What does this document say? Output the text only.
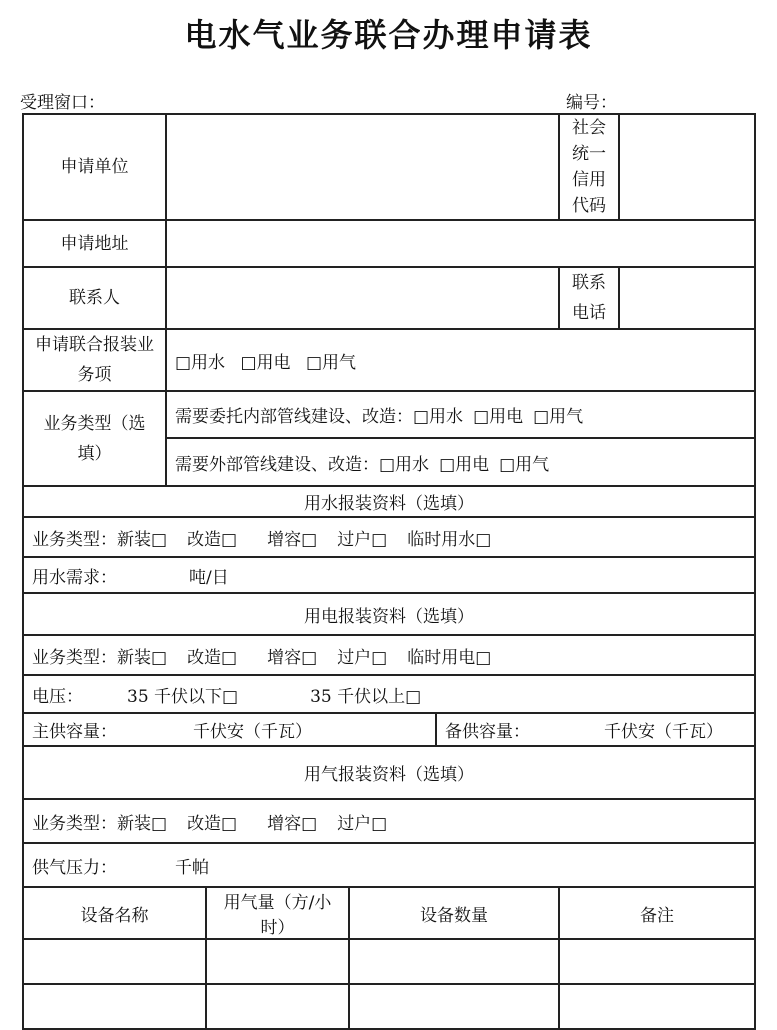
电水气业务联合办理申请表
受理窗口：	编号：
申请单位					社会统一信用代码	
申请地址						
联系人					联系电话	
申请联合报装业务项	□用水 □用电 □用气					
业务类型（选填）	需要委托内部管线建设、改造：□用水 □用电 □用气					
	需要外部管线建设、改造：□用水 □用电 □用气					
用水报装资料（选填）						
业务类型：新装□ 改造□ 增容□ 过户□ 临时用水□						
用水需求： 吨/日						
用电报装资料（选填）						
业务类型：新装□ 改造□ 增容□ 过户□ 临时用电□						
电压： 35 千伏以下□ 35 千伏以上□						
主供容量： 千伏安（千瓦）				备供容量： 千伏安（千瓦）		
用气报装资料（选填）						
业务类型：新装□ 改造□ 增容□ 过户□						
供气压力： 千帕						
设备名称		用气量（方/小时）	设备数量		备注	
